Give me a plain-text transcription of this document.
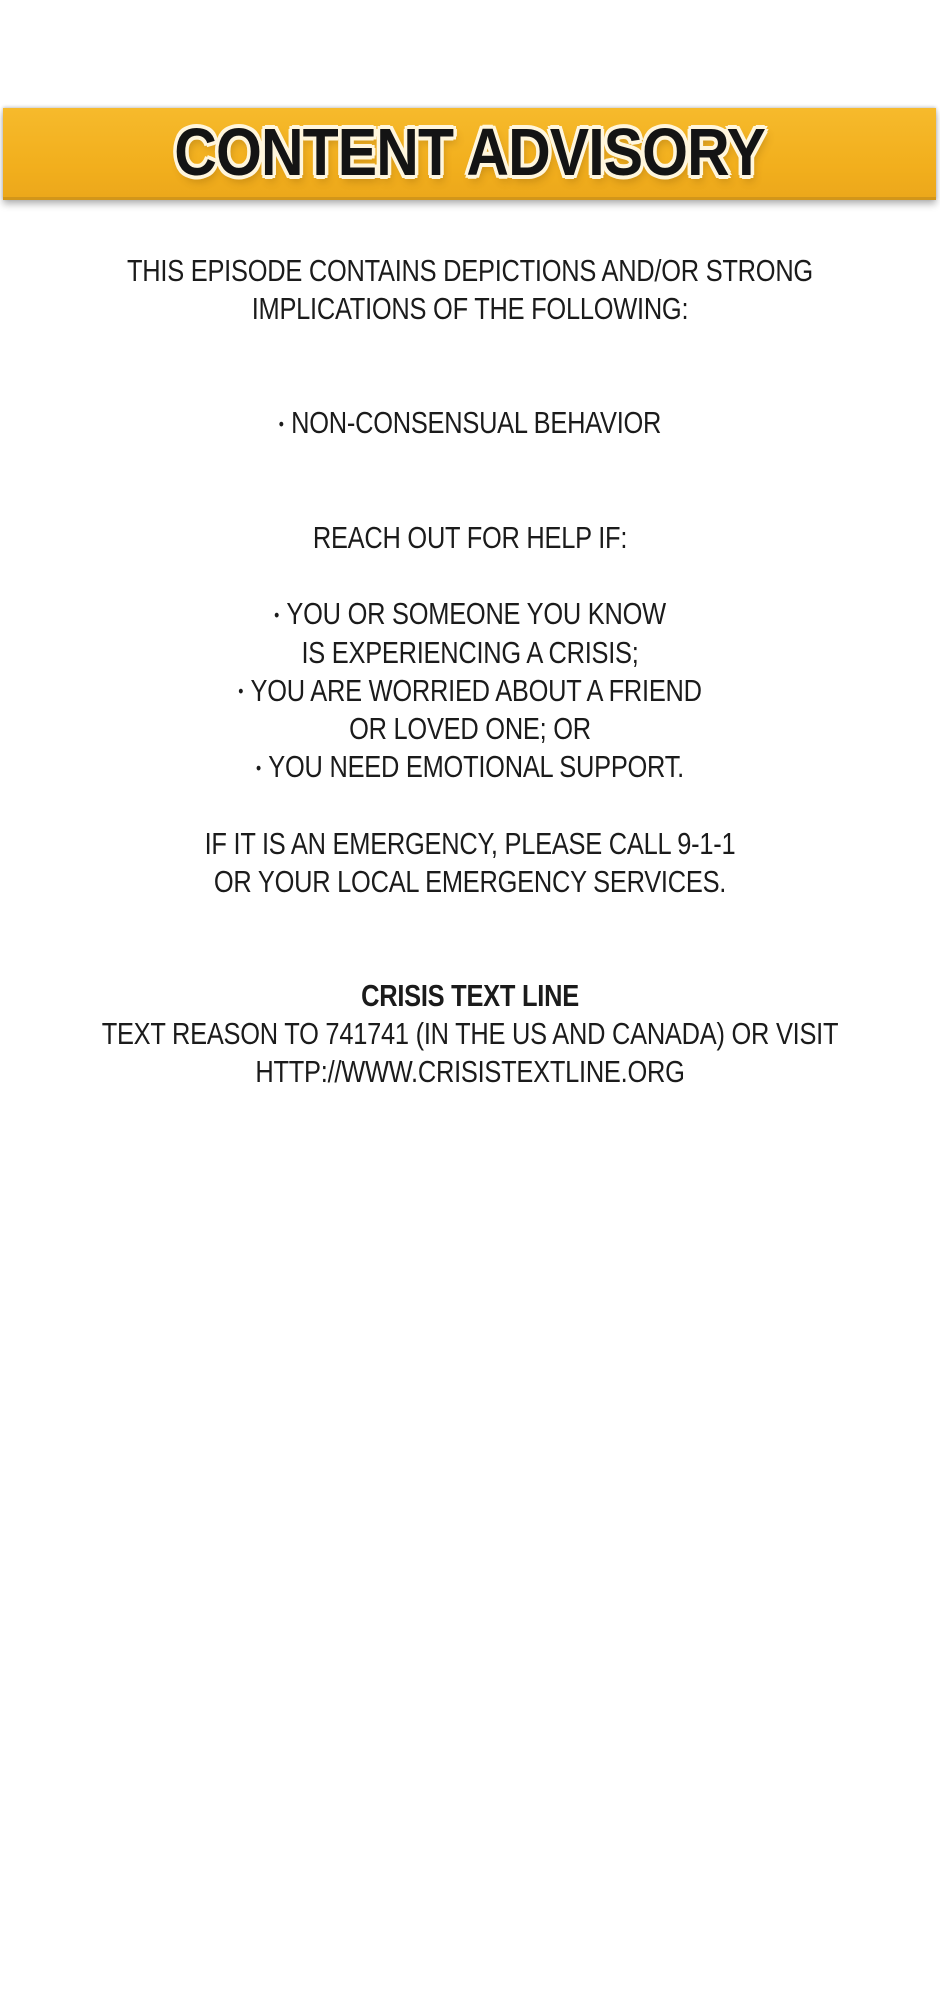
CONTENT ADVISORY

THIS EPISODE CONTAINS DEPICTIONS AND/OR STRONG

IMPLICATIONS OF THE FOLLOWING:

• NON-CONSENSUAL BEHAVIOR

REACH OUT FOR HELP IF:

• YOU OR SOMEONE YOU KNOW

IS EXPERIENCING A CRISIS;

• YOU ARE WORRIED ABOUT A FRIEND

OR LOVED ONE; OR

• YOU NEED EMOTIONAL SUPPORT.

IF IT IS AN EMERGENCY, PLEASE CALL 9-1-1

OR YOUR LOCAL EMERGENCY SERVICES.

CRISIS TEXT LINE

TEXT REASON TO 741741 (IN THE US AND CANADA) OR VISIT

HTTP://WWW.CRISISTEXTLINE.ORG
